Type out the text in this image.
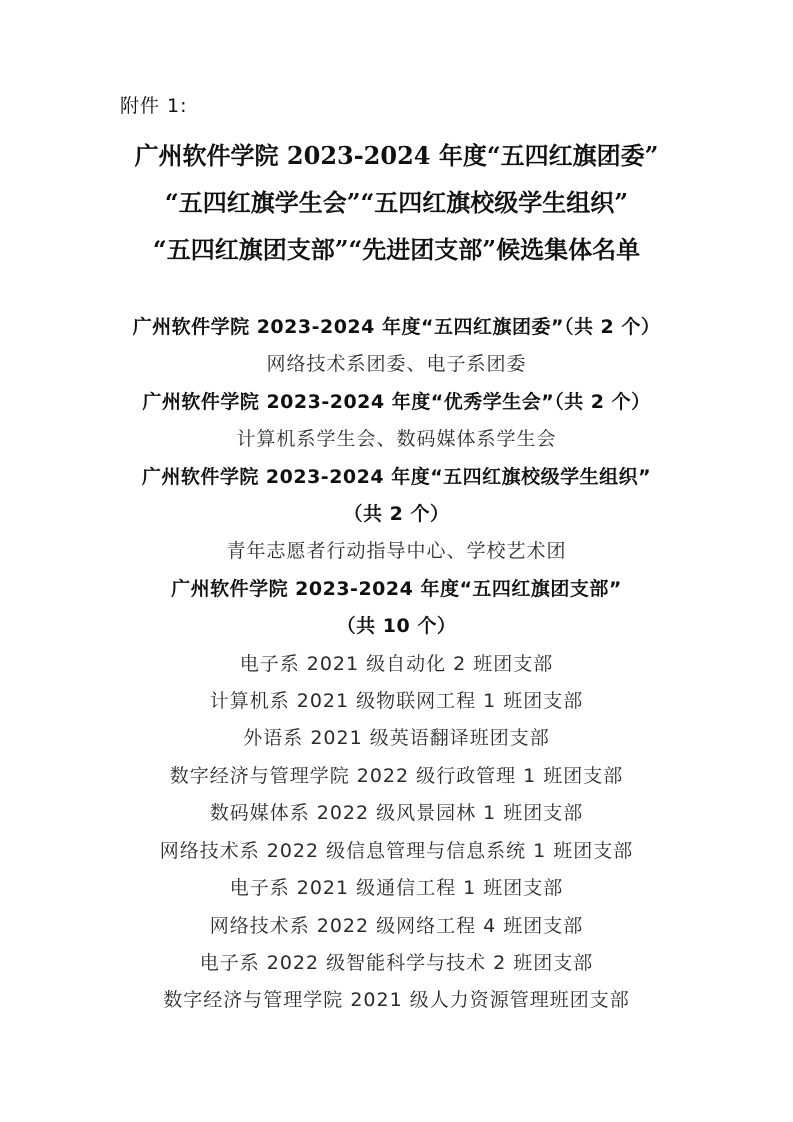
附件 1:
广州软件学院 2023-2024 年度“五四红旗团委”
“五四红旗学生会”“五四红旗校级学生组织”
“五四红旗团支部”“先进团支部”候选集体名单
广州软件学院 2023-2024 年度“五四红旗团委”（共 2 个）
网络技术系团委、电子系团委
广州软件学院 2023-2024 年度“优秀学生会”（共 2 个）
计算机系学生会、数码媒体系学生会
广州软件学院 2023-2024 年度“五四红旗校级学生组织”
（共 2 个）
青年志愿者行动指导中心、学校艺术团
广州软件学院 2023-2024 年度“五四红旗团支部”
（共 10 个）
电子系 2021 级自动化 2 班团支部
计算机系 2021 级物联网工程 1 班团支部
外语系 2021 级英语翻译班团支部
数字经济与管理学院 2022 级行政管理 1 班团支部
数码媒体系 2022 级风景园林 1 班团支部
网络技术系 2022 级信息管理与信息系统 1 班团支部
电子系 2021 级通信工程 1 班团支部
网络技术系 2022 级网络工程 4 班团支部
电子系 2022 级智能科学与技术 2 班团支部
数字经济与管理学院 2021 级人力资源管理班团支部
